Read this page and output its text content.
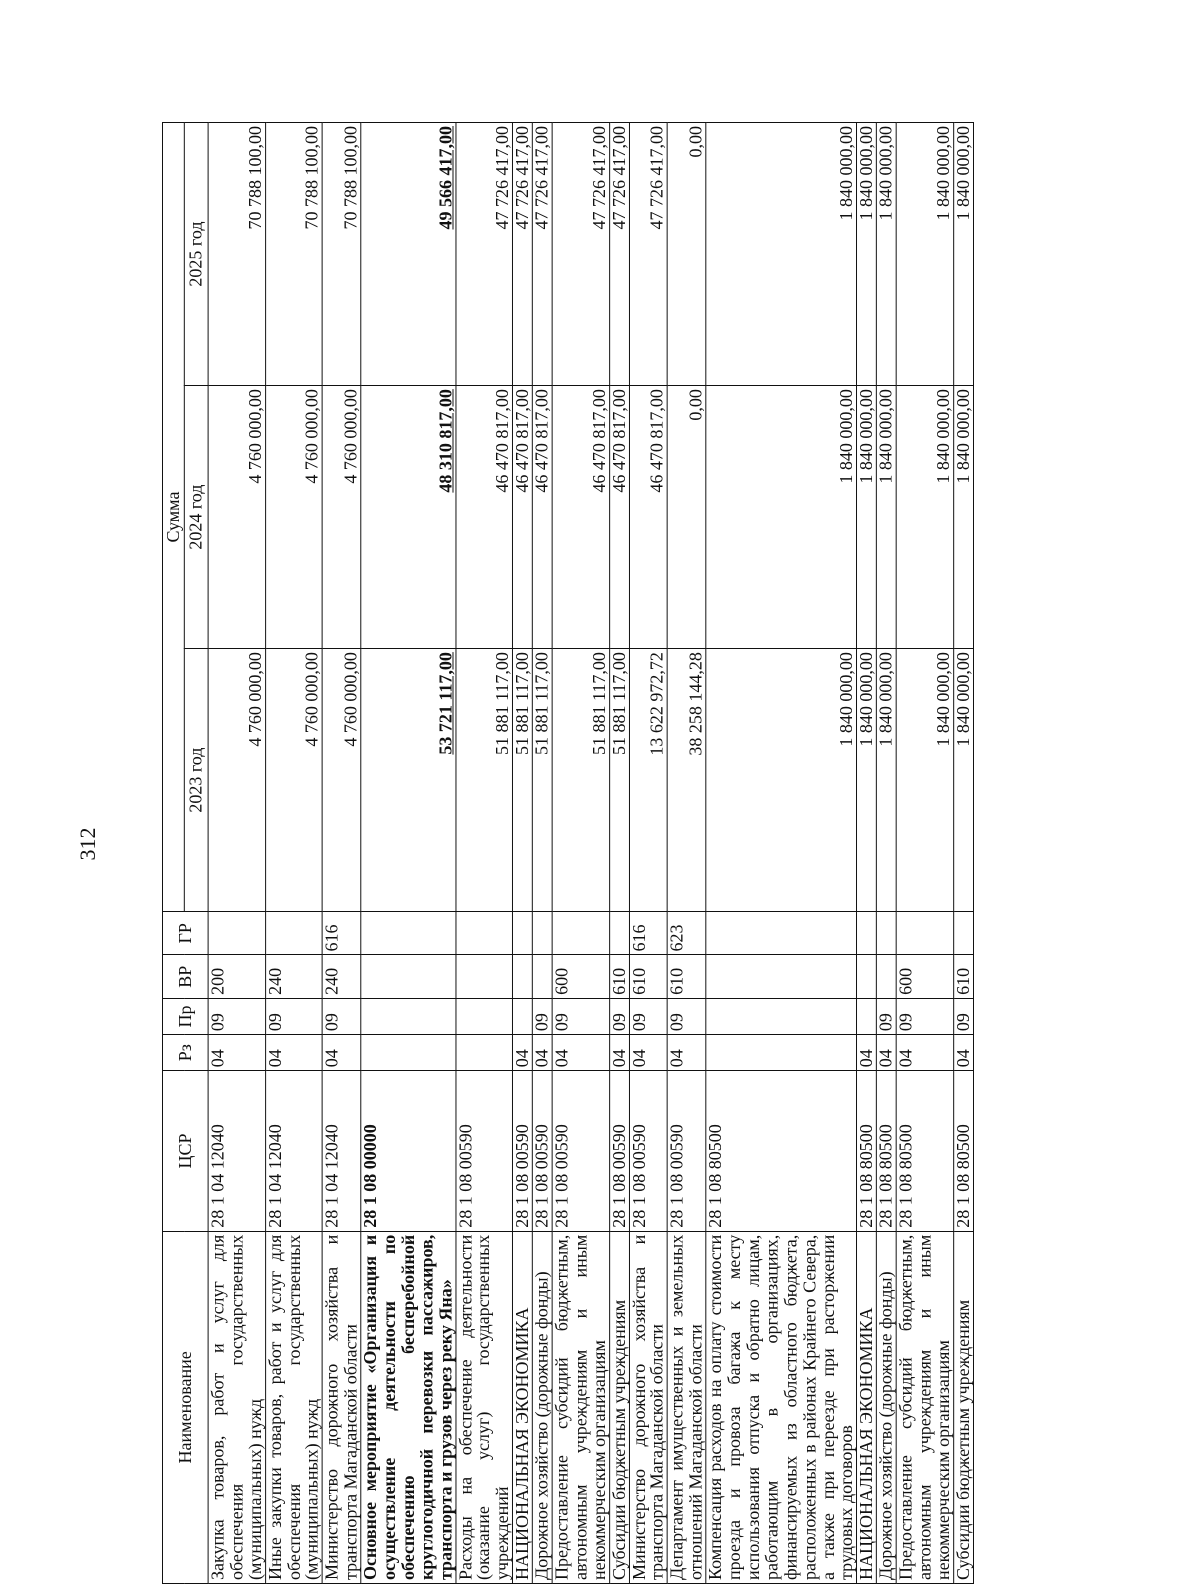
312
Наименование	ЦСР	Рз	Пр	ВР	ГР	Сумма		
						2023 год	2024 год	2025 год
Закупка товаров, работ и услуг для обеспечения государственных (муниципальных) нужд	28 1 04 12040	04	09	200		4 760 000,00	4 760 000,00	70 788 100,00
Иные закупки товаров, работ и услуг для обеспечения государственных (муниципальных) нужд	28 1 04 12040	04	09	240		4 760 000,00	4 760 000,00	70 788 100,00
Министерство дорожного хозяйства и транспорта Магаданской области	28 1 04 12040	04	09	240	616	4 760 000,00	4 760 000,00	70 788 100,00
Основное мероприятие «Организация и осуществление деятельности по обеспечению бесперебойной круглогодичной перевозки пассажиров, транспорта и грузов через реку Яна»	28 1 08 00000					53 721 117,00	48 310 817,00	49 566 417,00
Расходы на обеспечение деятельности (оказание услуг) государственных учреждений	28 1 08 00590					51 881 117,00	46 470 817,00	47 726 417,00
НАЦИОНАЛЬНАЯ ЭКОНОМИКА	28 1 08 00590	04				51 881 117,00	46 470 817,00	47 726 417,00
Дорожное хозяйство (дорожные фонды)	28 1 08 00590	04	09			51 881 117,00	46 470 817,00	47 726 417,00
Предоставление субсидий бюджетным, автономным учреждениям и иным некоммерческим организациям	28 1 08 00590	04	09	600		51 881 117,00	46 470 817,00	47 726 417,00
Субсидии бюджетным учреждениям	28 1 08 00590	04	09	610		51 881 117,00	46 470 817,00	47 726 417,00
Министерство дорожного хозяйства и транспорта Магаданской области	28 1 08 00590	04	09	610	616	13 622 972,72	46 470 817,00	47 726 417,00
Департамент имущественных и земельных отношений Магаданской области	28 1 08 00590	04	09	610	623	38 258 144,28	0,00	0,00
Компенсация расходов на оплату стоимости проезда и провоза багажа к месту использования отпуска и обратно лицам, работающим в организациях, финансируемых из областного бюджета, расположенных в районах Крайнего Севера, а также при переезде при расторжении трудовых договоров	28 1 08 80500					1 840 000,00	1 840 000,00	1 840 000,00
НАЦИОНАЛЬНАЯ ЭКОНОМИКА	28 1 08 80500	04				1 840 000,00	1 840 000,00	1 840 000,00
Дорожное хозяйство (дорожные фонды)	28 1 08 80500	04	09			1 840 000,00	1 840 000,00	1 840 000,00
Предоставление субсидий бюджетным, автономным учреждениям и иным некоммерческим организациям	28 1 08 80500	04	09	600		1 840 000,00	1 840 000,00	1 840 000,00
Субсидии бюджетным учреждениям	28 1 08 80500	04	09	610		1 840 000,00	1 840 000,00	1 840 000,00
